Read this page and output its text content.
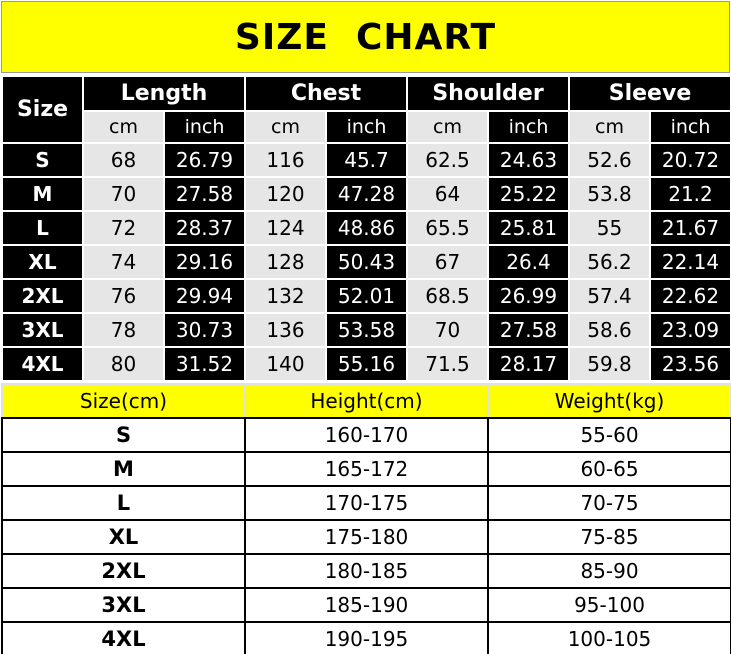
SIZE  CHART
Size	Length		Chest		Shoulder		Sleeve	
	cm	inch	cm	inch	cm	inch	cm	inch
S	68	26.79	116	45.7	62.5	24.63	52.6	20.72
M	70	27.58	120	47.28	64	25.22	53.8	21.2
L	72	28.37	124	48.86	65.5	25.81	55	21.67
XL	74	29.16	128	50.43	67	26.4	56.2	22.14
2XL	76	29.94	132	52.01	68.5	26.99	57.4	22.62
3XL	78	30.73	136	53.58	70	27.58	58.6	23.09
4XL	80	31.52	140	55.16	71.5	28.17	59.8	23.56
Size(cm)	Height(cm)	Weight(kg)
S	160-170	55-60
M	165-172	60-65
L	170-175	70-75
XL	175-180	75-85
2XL	180-185	85-90
3XL	185-190	95-100
4XL	190-195	100-105
